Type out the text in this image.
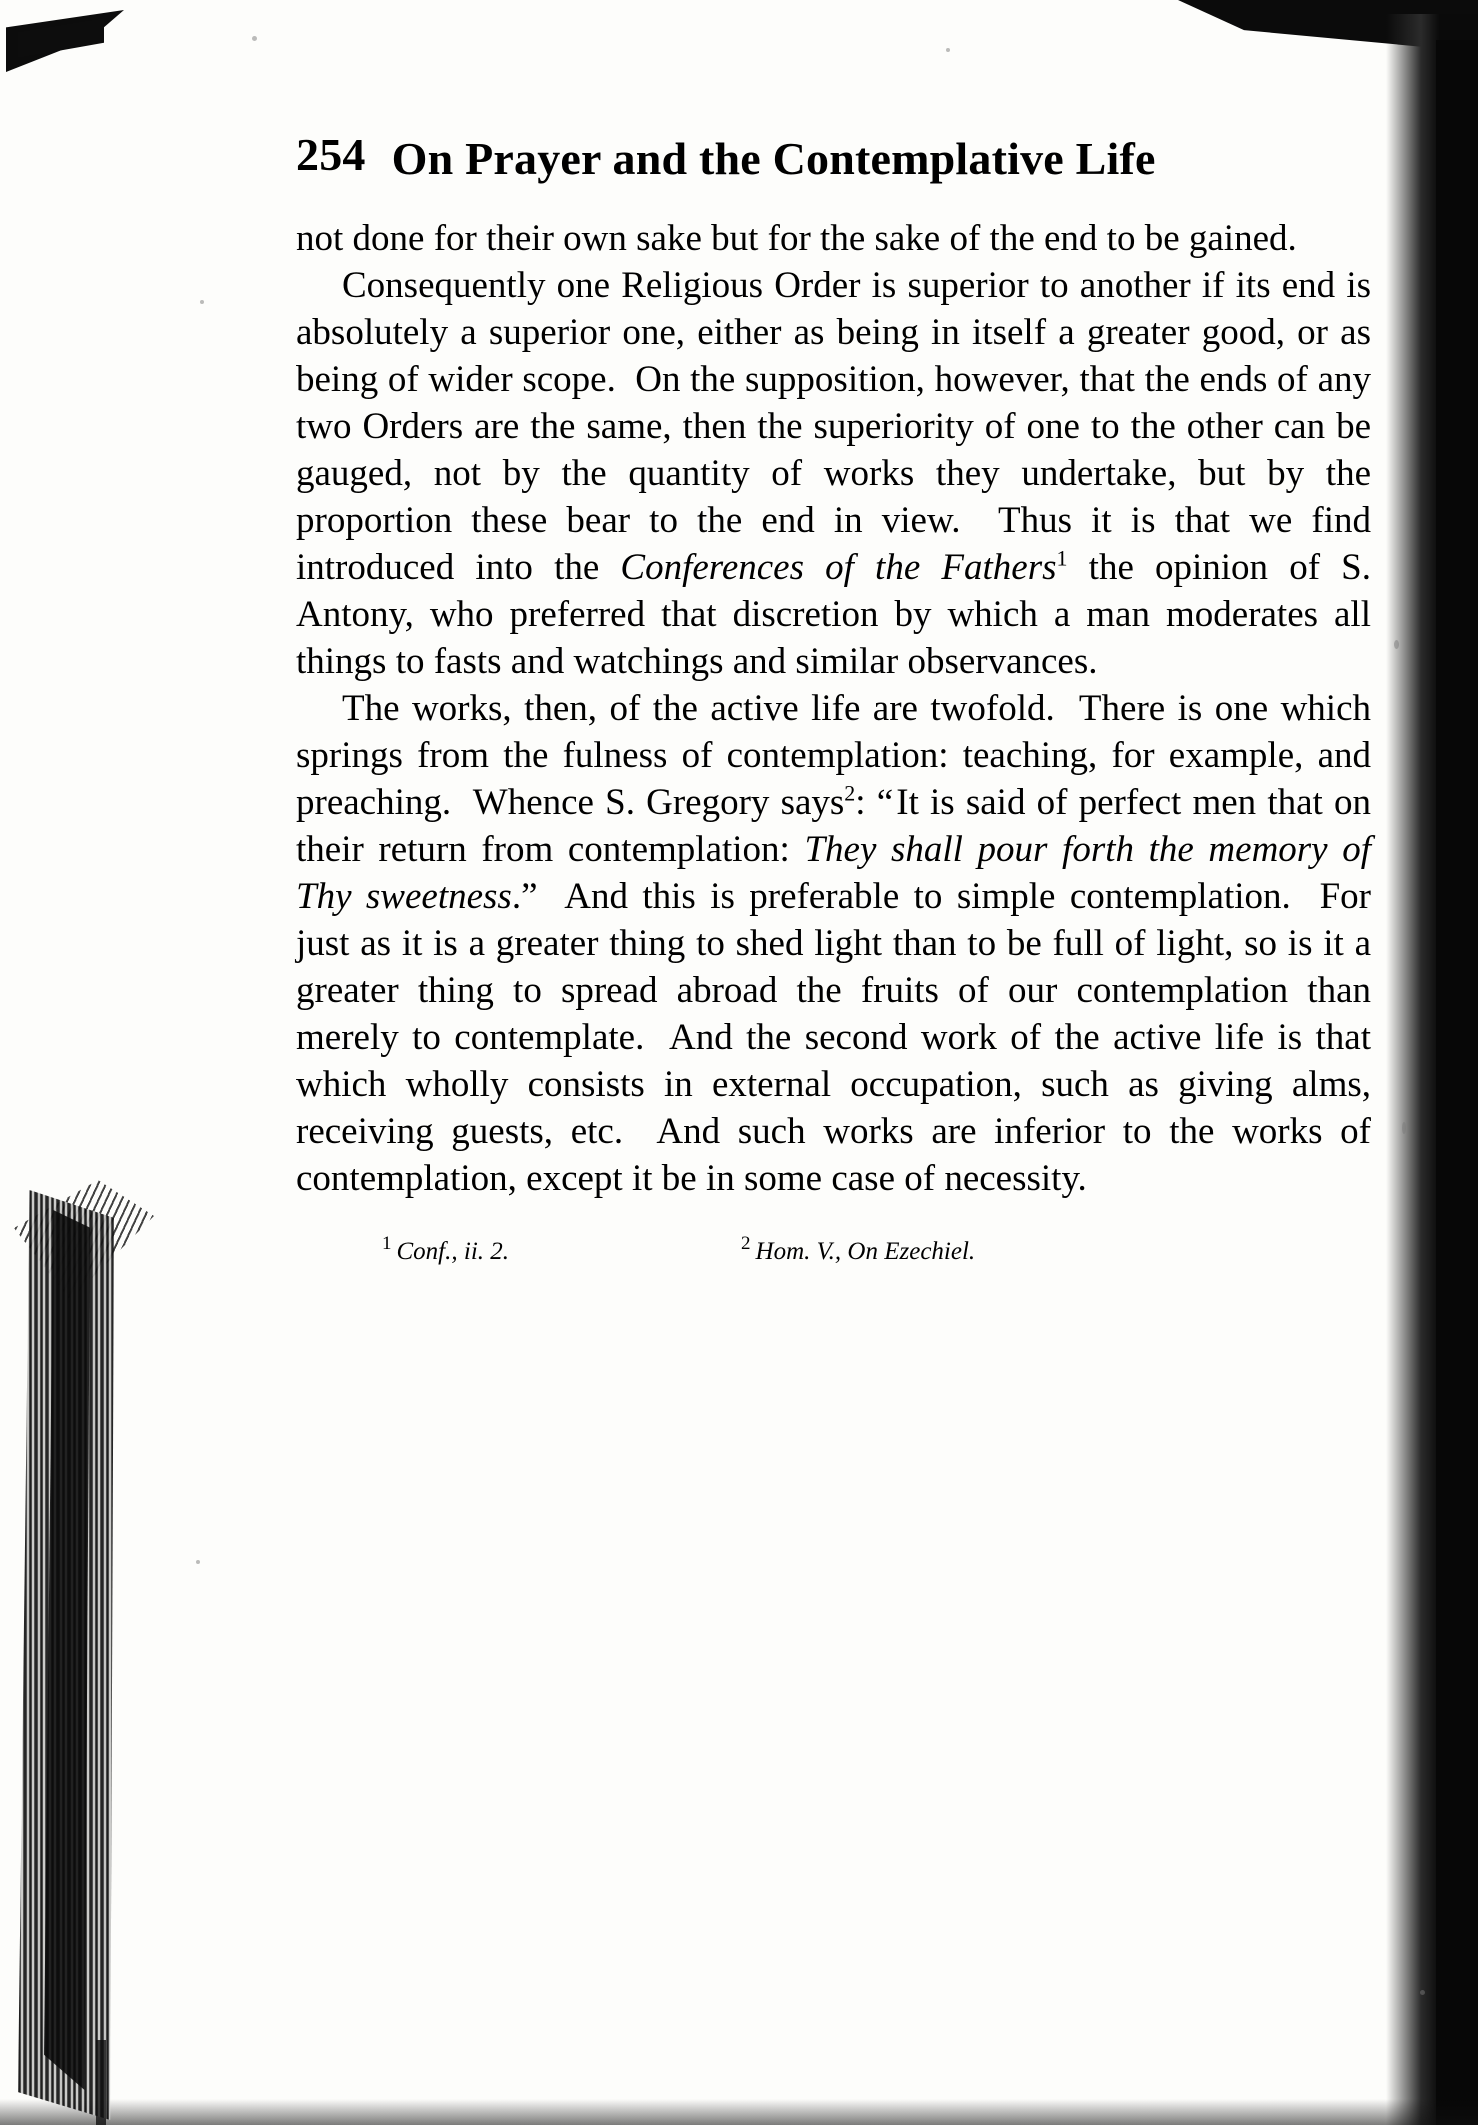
254 On Prayer and the Contemplative Life

not done for their own sake but for the sake of the end to be gained.

Consequently one Religious Order is superior to another if its end is absolutely a superior one, either as being in itself a greater good, or as being of wider scope.  On the supposition, however, that the ends of any two Orders are the same, then the superiority of one to the other can be gauged, not by the quantity of works they undertake, but by the proportion these bear to the end in view.  Thus it is that we find introduced into the Conferences of the Fathers$^1$ the opinion of S. Antony, who preferred that discretion by which a man moderates all things to fasts and watchings and similar observances.

The works, then, of the active life are twofold.  There is one which springs from the fulness of contemplation: teaching, for example, and preaching.  Whence S. Gregory says$^2$: “ It is said of perfect men that on their return from contemplation: They shall pour forth the memory of Thy sweetness.”  And this is preferable to simple contemplation.  For just as it is a greater thing to shed light than to be full of light, so is it a greater thing to spread abroad the fruits of our contemplation than merely to contemplate.  And the second work of the active life is that which wholly consists in external occupation, such as giving alms, receiving guests, etc.  And such works are inferior to the works of contemplation, except it be in some case of necessity.

$^1$ Conf., ii. 2.	$^2$ Hom. V., On Ezechiel.
